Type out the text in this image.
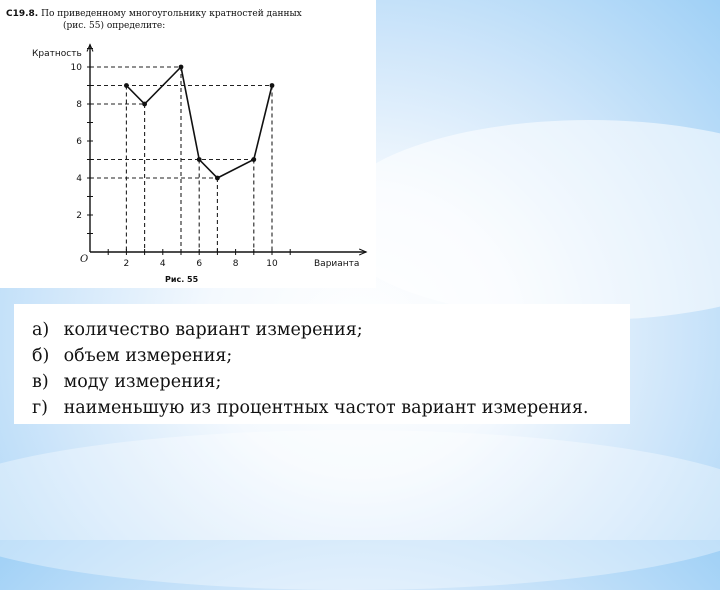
С19.8. По приведенному многоугольнику кратностей данных
(рис. 55) определите:
2	4	6	8	10
2
4
6
8
10
Кратность
Варианта
O
Рис. 55
а) количество вариант измерения;
б) объем измерения;
в) моду измерения;
г) наименьшую из процентных частот вариант измерения.
